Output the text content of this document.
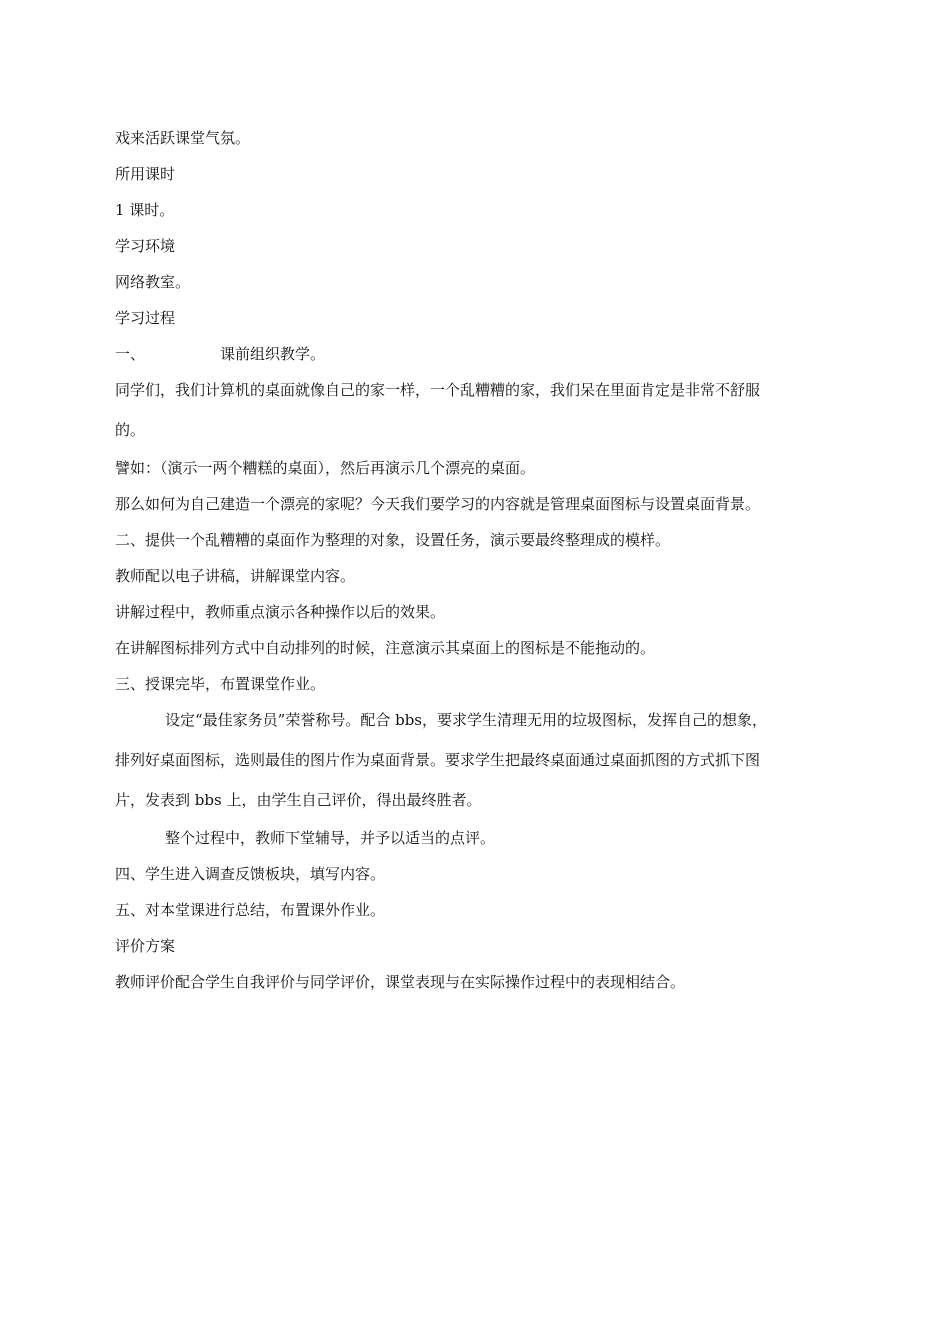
戏来活跃课堂气氛。
所用课时
1 课时。
学习环境
网络教室。
学习过程
一、	课前组织教学。
同学们，我们计算机的桌面就像自己的家一样，一个乱糟糟的家，我们呆在里面肯定是非常不舒服
的。
譬如：（演示一两个糟糕的桌面），然后再演示几个漂亮的桌面。
那么如何为自己建造一个漂亮的家呢？今天我们要学习的内容就是管理桌面图标与设置桌面背景。
二、提供一个乱糟糟的桌面作为整理的对象，设置任务，演示要最终整理成的模样。
教师配以电子讲稿，讲解课堂内容。
讲解过程中，教师重点演示各种操作以后的效果。
在讲解图标排列方式中自动排列的时候，注意演示其桌面上的图标是不能拖动的。
三、授课完毕，布置课堂作业。
设定“最佳家务员”荣誉称号。配合 bbs，要求学生清理无用的垃圾图标，发挥自己的想象，
排列好桌面图标，选则最佳的图片作为桌面背景。要求学生把最终桌面通过桌面抓图的方式抓下图
片，发表到 bbs 上，由学生自己评价，得出最终胜者。
整个过程中，教师下堂辅导，并予以适当的点评。
四、学生进入调查反馈板块，填写内容。
五、对本堂课进行总结，布置课外作业。
评价方案
教师评价配合学生自我评价与同学评价，课堂表现与在实际操作过程中的表现相结合。
